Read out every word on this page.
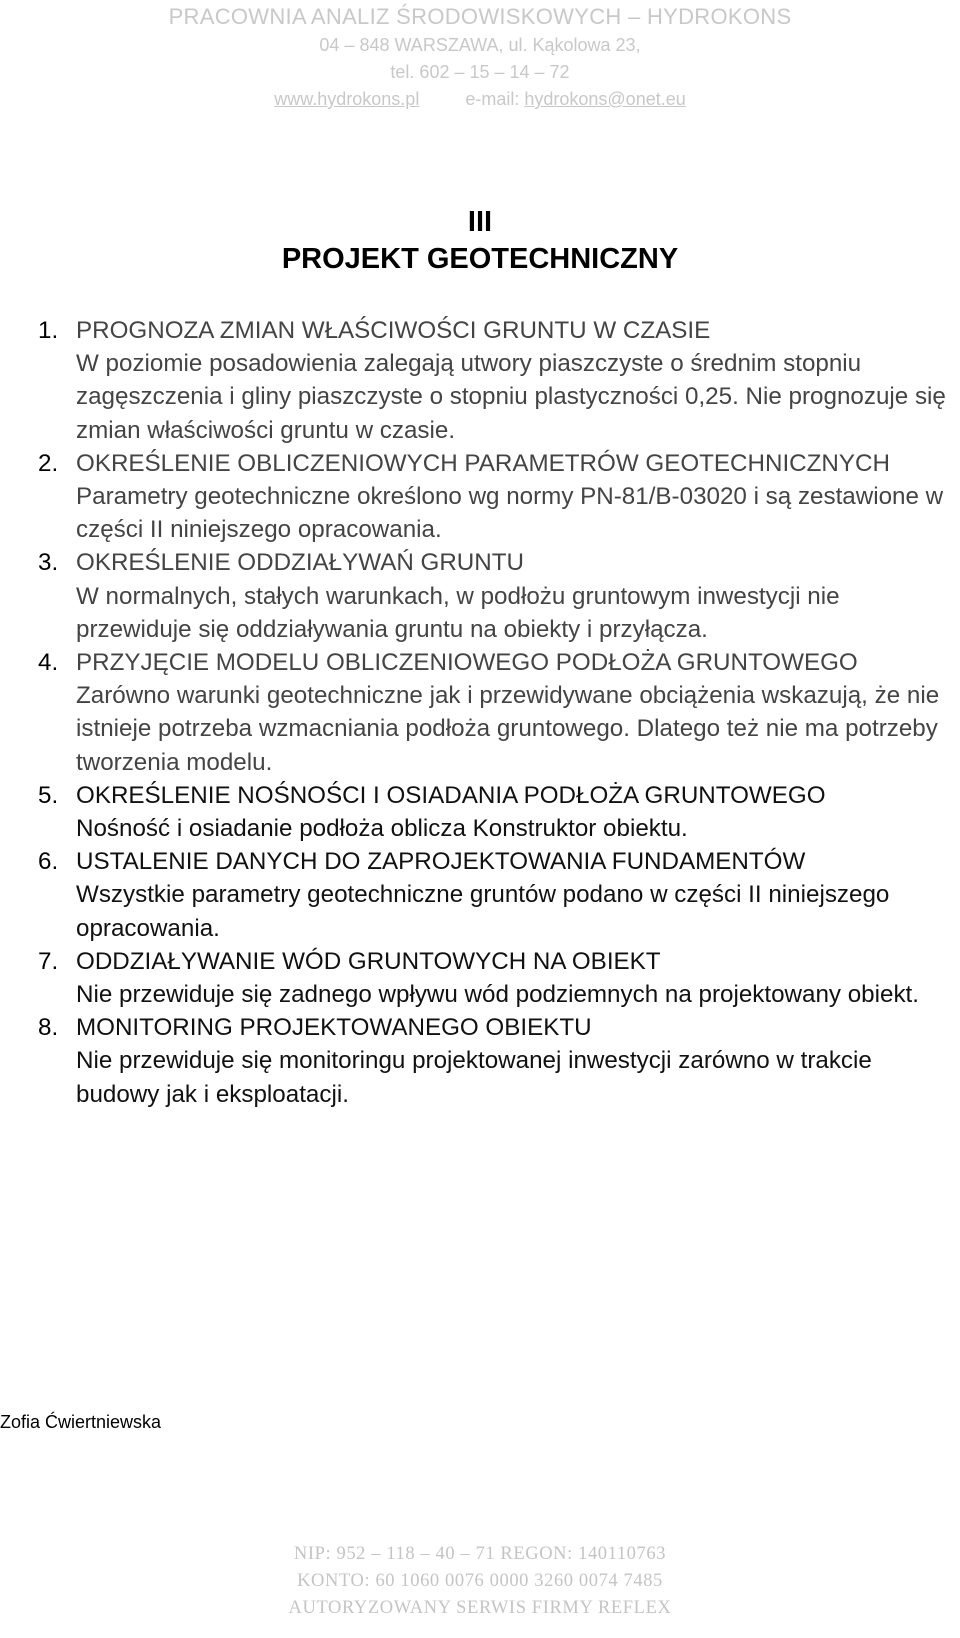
PRACOWNIA ANALIZ ŚRODOWISKOWYCH – HYDROKONS
04 – 848 WARSZAWA, ul. Kąkolowa 23,
tel. 602 – 15 – 14 – 72
www.hydrokons.pl	e-mail: hydrokons@onet.eu
III
PROJEKT GEOTECHNICZNY
1. PROGNOZA ZMIAN WŁAŚCIWOŚCI GRUNTU W CZASIE
W poziomie posadowienia zalegają utwory piaszczyste o średnim stopniu zagęszczenia i gliny piaszczyste o stopniu plastyczności 0,25. Nie prognozuje się zmian właściwości gruntu w czasie.
2. OKREŚLENIE OBLICZENIOWYCH PARAMETRÓW GEOTECHNICZNYCH
Parametry geotechniczne określono wg normy PN-81/B-03020 i są zestawione w części II niniejszego opracowania.
3. OKREŚLENIE ODDZIAŁYWAŃ GRUNTU
W normalnych, stałych warunkach, w podłożu gruntowym inwestycji nie przewiduje się oddziaływania gruntu na obiekty i przyłącza.
4. PRZYJĘCIE MODELU OBLICZENIOWEGO PODŁOŻA GRUNTOWEGO
Zarówno warunki geotechniczne jak i przewidywane obciążenia wskazują, że nie istnieje potrzeba wzmacniania podłoża gruntowego. Dlatego też nie ma potrzeby tworzenia modelu.
5. OKREŚLENIE NOŚNOŚCI I OSIADANIA PODŁOŻA GRUNTOWEGO
Nośność i osiadanie podłoża oblicza Konstruktor obiektu.
6. USTALENIE DANYCH DO ZAPROJEKTOWANIA FUNDAMENTÓW
Wszystkie parametry geotechniczne gruntów podano w części II niniejszego opracowania.
7. ODDZIAŁYWANIE WÓD GRUNTOWYCH NA OBIEKT
Nie przewiduje się zadnego wpływu wód podziemnych na projektowany obiekt.
8. MONITORING PROJEKTOWANEGO OBIEKTU
Nie przewiduje się monitoringu projektowanej inwestycji zarówno w trakcie budowy jak i eksploatacji.
Zofia Ćwiertniewska
NIP: 952 – 118 – 40 – 71 REGON: 140110763
KONTO: 60 1060 0076 0000 3260 0074 7485
AUTORYZOWANY SERWIS FIRMY REFLEX
